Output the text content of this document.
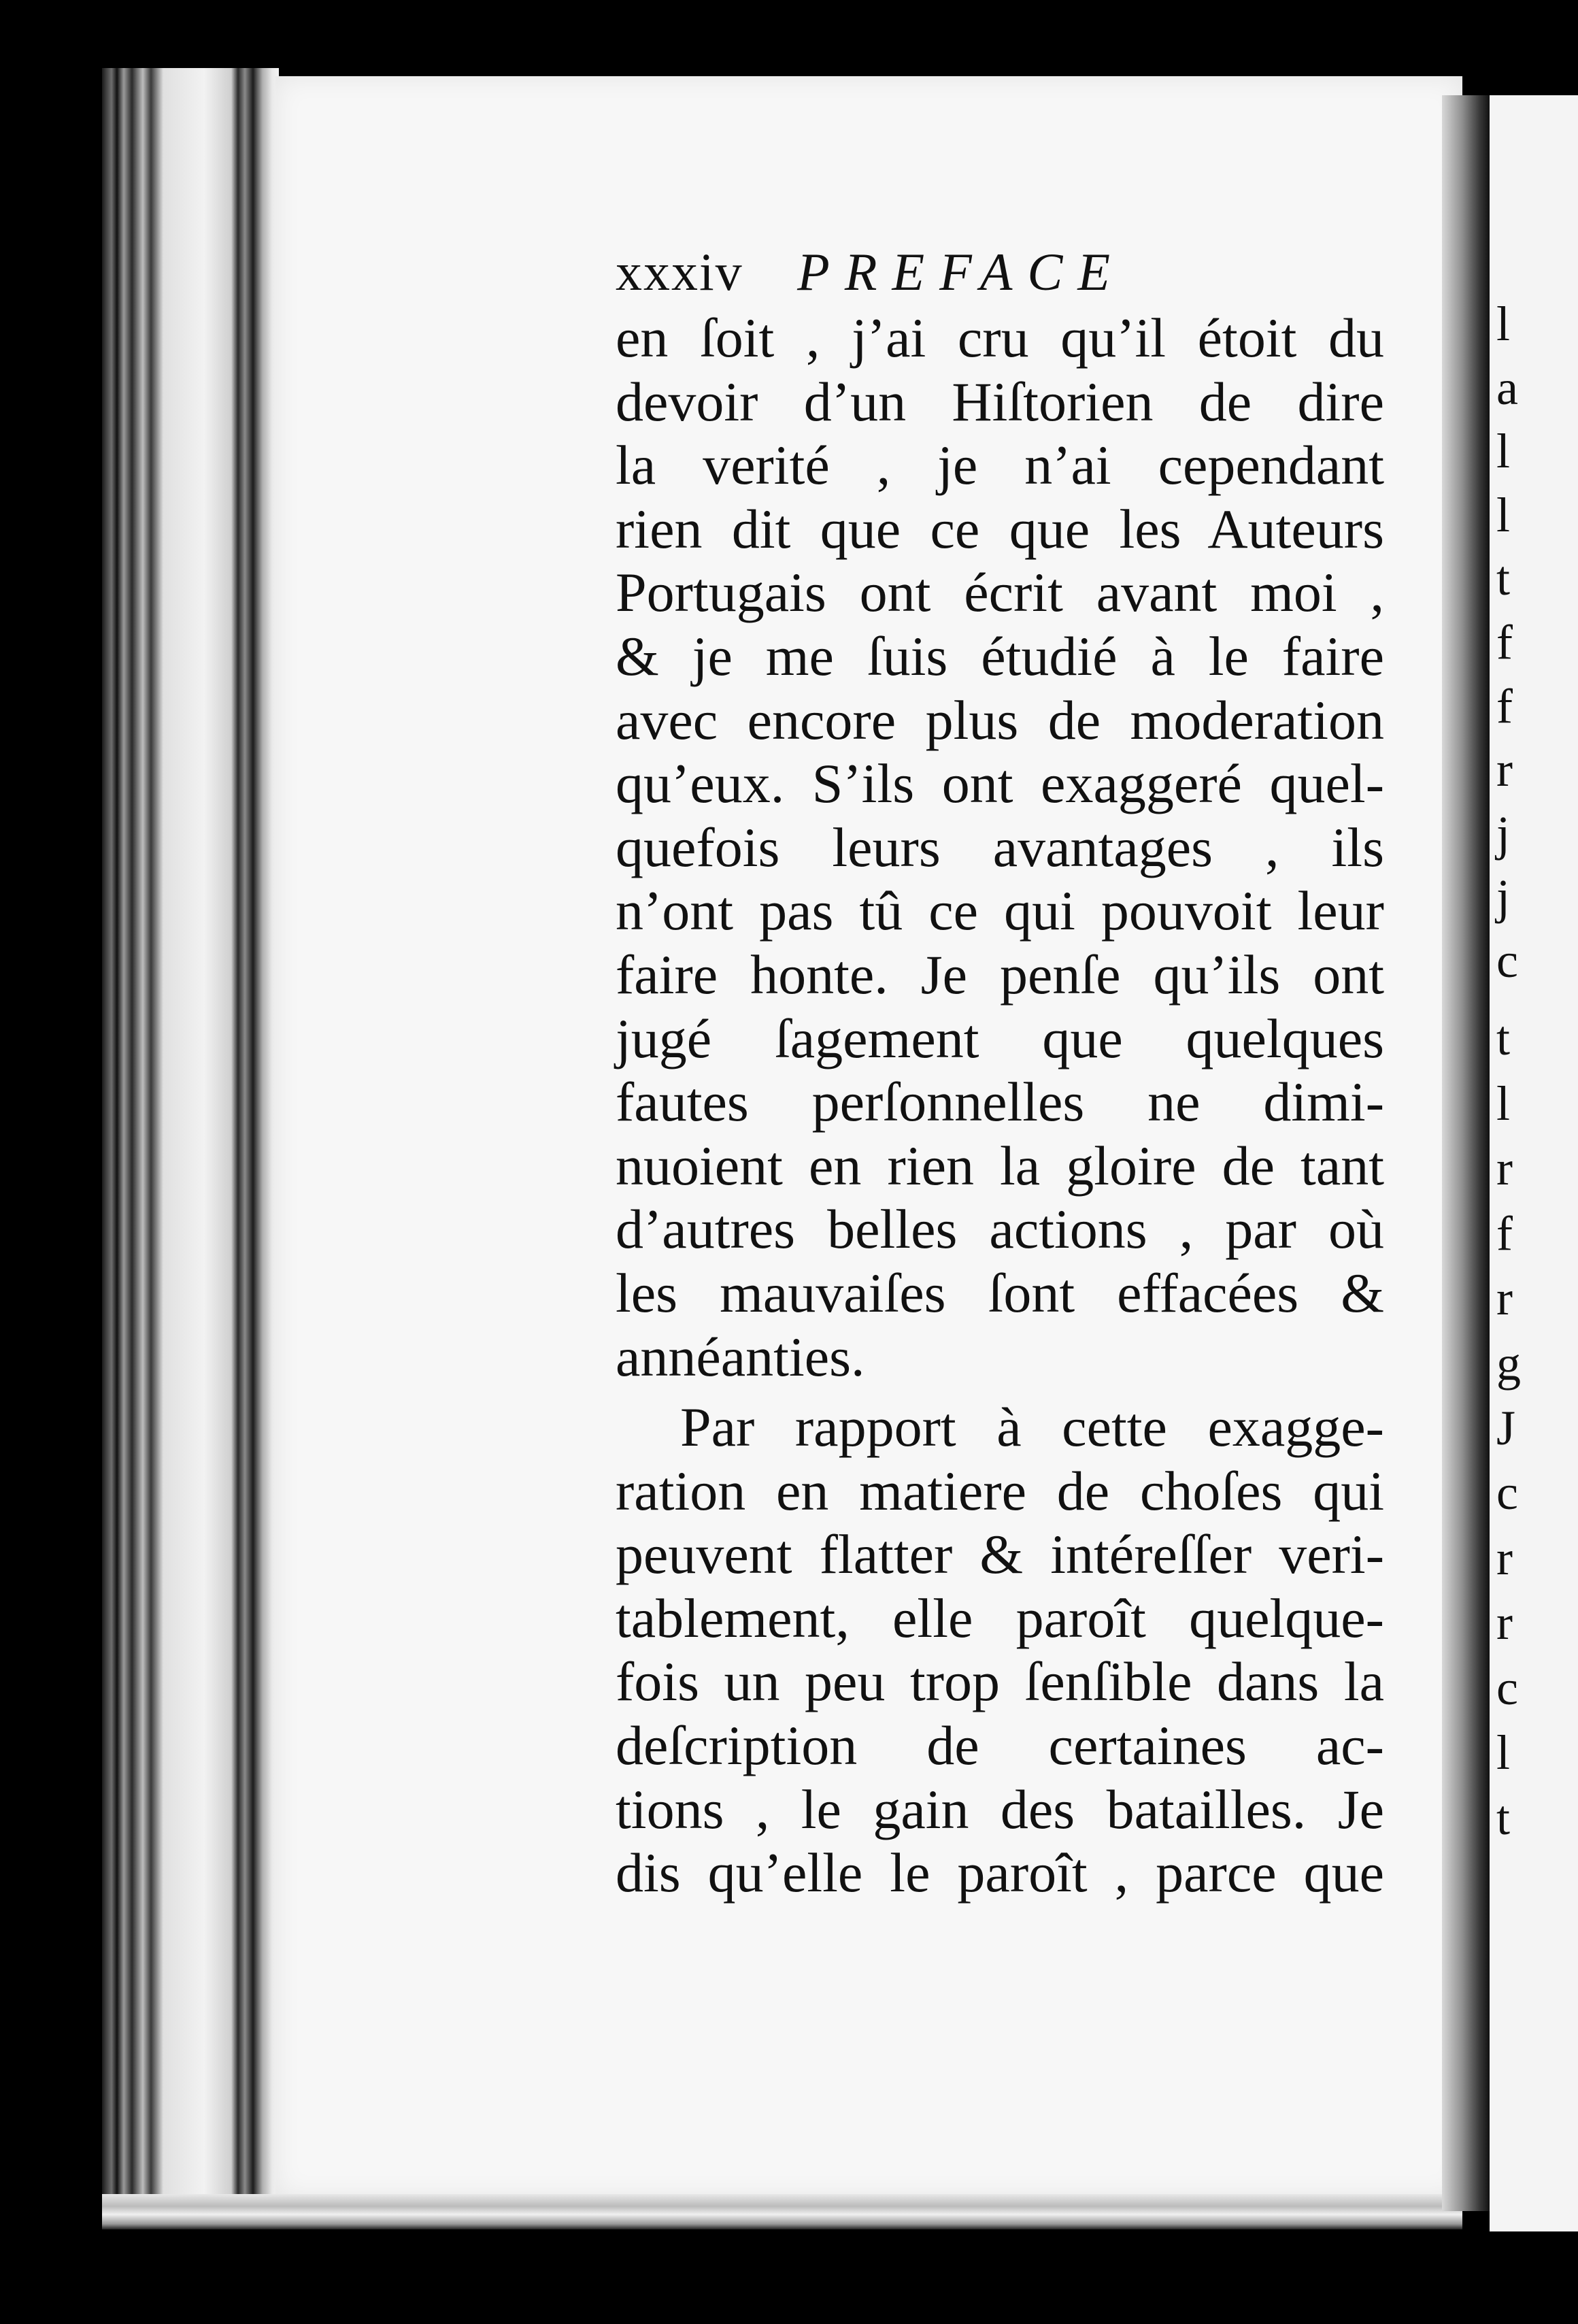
l
a
l
l
t
f
f
r
j
j
c
t
l
r
f
r
g
J
c
r
r
c
l
t
xxxiv PREFACE
en ſoit , j’ai cru qu’il étoit du
devoir d’un Hiſtorien de dire
la verité , je n’ai cependant
rien dit que ce que les Auteurs
Portugais ont écrit avant moi ,
& je me ſuis étudié à le faire
avec encore plus de moderation
qu’eux. S’ils ont exaggeré quel-
quefois leurs avantages , ils
n’ont pas tû ce qui pouvoit leur
faire honte. Je penſe qu’ils ont
jugé ſagement que quelques
fautes perſonnelles ne dimi-
nuoient en rien la gloire de tant
d’autres belles actions , par où
les mauvaiſes ſont effacées &
annéanties.
Par rapport à cette exagge-
ration en matiere de choſes qui
peuvent flatter & intéreſſer veri-
tablement, elle paroît quelque-
fois un peu trop ſenſible dans la
deſcription de certaines ac-
tions , le gain des batailles. Je
dis qu’elle le paroît , parce que
